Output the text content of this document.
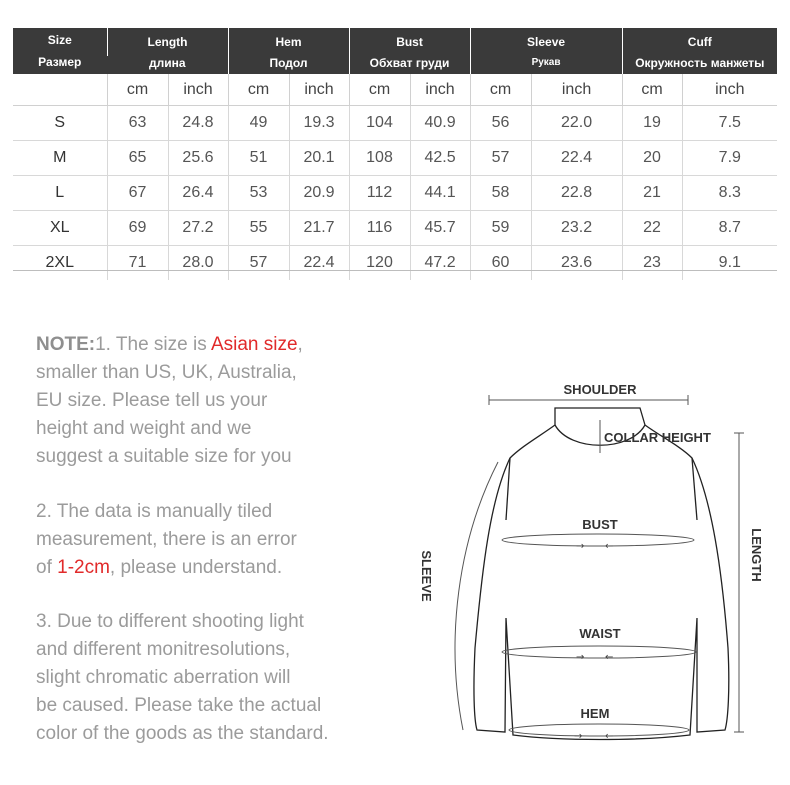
Size
Размер	Length		Hem		Bust		Sleeve		Cuff	
	длина		Подол		Обхват груди		Рукав		Окружность манжеты	
	cm	inch	cm	inch	cm	inch	cm	inch	cm	inch
S	63	24.8	49	19.3	104	40.9	56	22.0	19	7.5
M	65	25.6	51	20.1	108	42.5	57	22.4	20	7.9
L	67	26.4	53	20.9	112	44.1	58	22.8	21	8.3
XL	69	27.2	55	21.7	116	45.7	59	23.2	22	8.7
2XL	71	28.0	57	22.4	120	47.2	60	23.6	23	9.1
NOTE:1. The size is Asian size,
smaller than US, UK, Australia,
EU size. Please tell us your
height and weight and we
suggest a suitable size for you
2. The data is manually tiled
measurement, there is an error
of 1-2cm, please understand.
3. Due to different shooting light
and different monitresolutions,
slight chromatic aberration will
be caused. Please take the actual
color of the goods as the standard.
→ ←
→ ←
→ ←
SHOULDER
COLLAR HEIGHT
BUST
WAIST
HEM
SLEEVE	LENGTH
